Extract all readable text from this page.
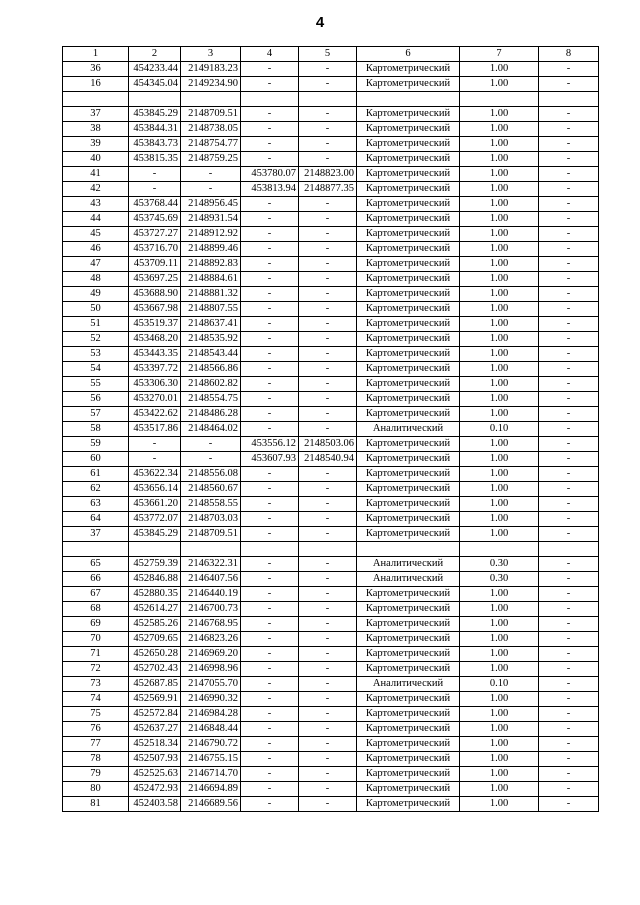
4
1	2	3	4	5	6	7	8
36	454233.44	2149183.23	-	-	Картометрический	1.00	-
16	454345.04	2149234.90	-	-	Картометрический	1.00	-

37	453845.29	2148709.51	-	-	Картометрический	1.00	-
38	453844.31	2148738.05	-	-	Картометрический	1.00	-
39	453843.73	2148754.77	-	-	Картометрический	1.00	-
40	453815.35	2148759.25	-	-	Картометрический	1.00	-
41	-	-	453780.07	2148823.00	Картометрический	1.00	-
42	-	-	453813.94	2148877.35	Картометрический	1.00	-
43	453768.44	2148956.45	-	-	Картометрический	1.00	-
44	453745.69	2148931.54	-	-	Картометрический	1.00	-
45	453727.27	2148912.92	-	-	Картометрический	1.00	-
46	453716.70	2148899.46	-	-	Картометрический	1.00	-
47	453709.11	2148892.83	-	-	Картометрический	1.00	-
48	453697.25	2148884.61	-	-	Картометрический	1.00	-
49	453688.90	2148881.32	-	-	Картометрический	1.00	-
50	453667.98	2148807.55	-	-	Картометрический	1.00	-
51	453519.37	2148637.41	-	-	Картометрический	1.00	-
52	453468.20	2148535.92	-	-	Картометрический	1.00	-
53	453443.35	2148543.44	-	-	Картометрический	1.00	-
54	453397.72	2148566.86	-	-	Картометрический	1.00	-
55	453306.30	2148602.82	-	-	Картометрический	1.00	-
56	453270.01	2148554.75	-	-	Картометрический	1.00	-
57	453422.62	2148486.28	-	-	Картометрический	1.00	-
58	453517.86	2148464.02	-	-	Аналитический	0.10	-
59	-	-	453556.12	2148503.06	Картометрический	1.00	-
60	-	-	453607.93	2148540.94	Картометрический	1.00	-
61	453622.34	2148556.08	-	-	Картометрический	1.00	-
62	453656.14	2148560.67	-	-	Картометрический	1.00	-
63	453661.20	2148558.55	-	-	Картометрический	1.00	-
64	453772.07	2148703.03	-	-	Картометрический	1.00	-
37	453845.29	2148709.51	-	-	Картометрический	1.00	-

65	452759.39	2146322.31	-	-	Аналитический	0.30	-
66	452846.88	2146407.56	-	-	Аналитический	0.30	-
67	452880.35	2146440.19	-	-	Картометрический	1.00	-
68	452614.27	2146700.73	-	-	Картометрический	1.00	-
69	452585.26	2146768.95	-	-	Картометрический	1.00	-
70	452709.65	2146823.26	-	-	Картометрический	1.00	-
71	452650.28	2146969.20	-	-	Картометрический	1.00	-
72	452702.43	2146998.96	-	-	Картометрический	1.00	-
73	452687.85	2147055.70	-	-	Аналитический	0.10	-
74	452569.91	2146990.32	-	-	Картометрический	1.00	-
75	452572.84	2146984.28	-	-	Картометрический	1.00	-
76	452637.27	2146848.44	-	-	Картометрический	1.00	-
77	452518.34	2146790.72	-	-	Картометрический	1.00	-
78	452507.93	2146755.15	-	-	Картометрический	1.00	-
79	452525.63	2146714.70	-	-	Картометрический	1.00	-
80	452472.93	2146694.89	-	-	Картометрический	1.00	-
81	452403.58	2146689.56	-	-	Картометрический	1.00	-
